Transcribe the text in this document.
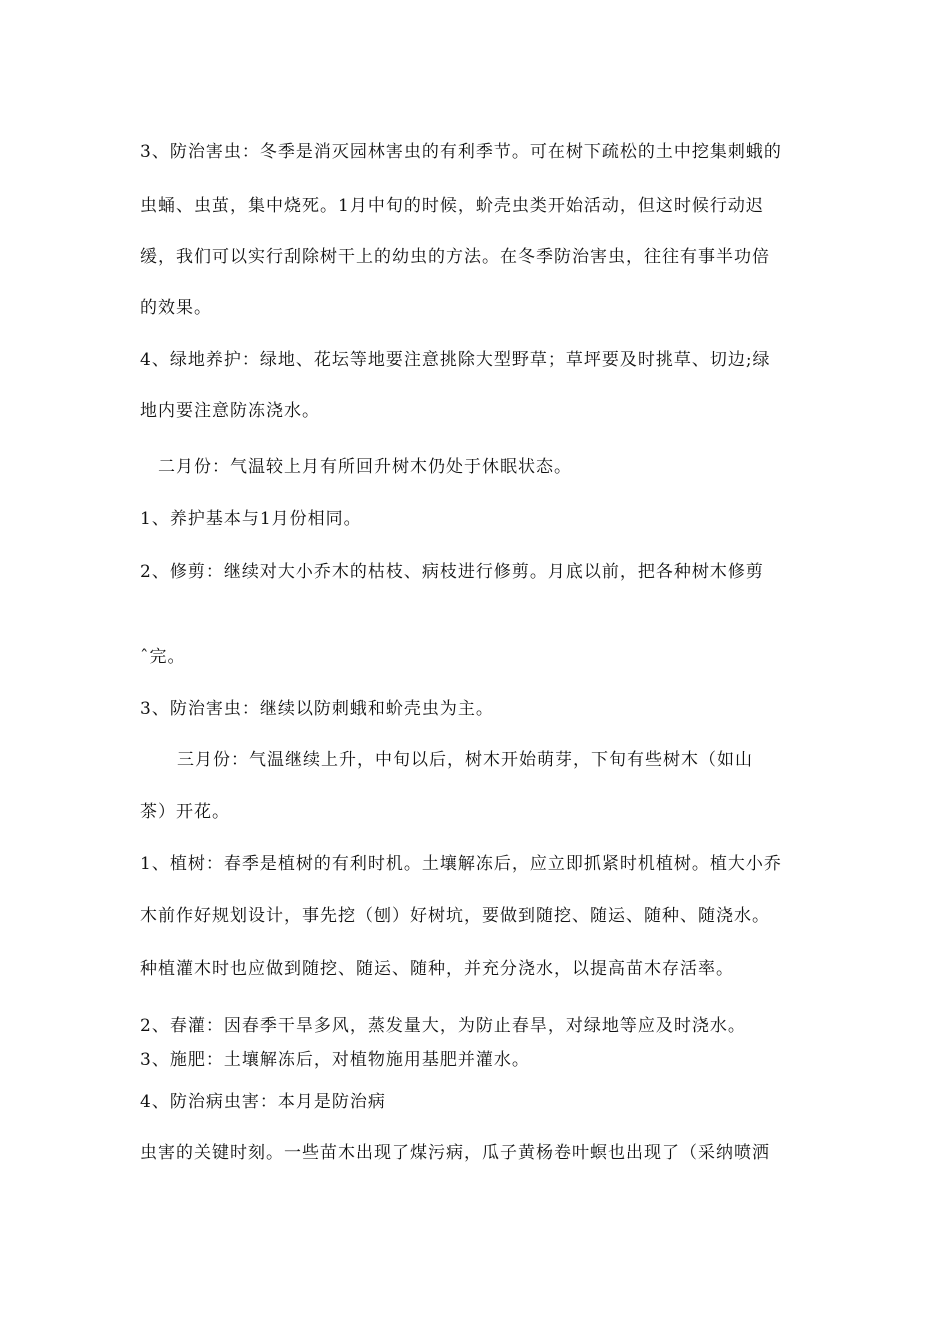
3、防治害虫：冬季是消灭园林害虫的有利季节。可在树下疏松的土中挖集刺蛾的
虫蛹、虫茧，集中烧死。1月中旬的时候，蚧壳虫类开始活动，但这时候行动迟
缓，我们可以实行刮除树干上的幼虫的方法。在冬季防治害虫，往往有事半功倍
的效果。
4、绿地养护：绿地、花坛等地要注意挑除大型野草；草坪要及时挑草、切边;绿
地内要注意防冻浇水。
二月份：气温较上月有所回升树木仍处于休眠状态。
1、养护基本与1月份相同。
2、修剪：继续对大小乔木的枯枝、病枝进行修剪。月底以前，把各种树木修剪
ˆ完。
3、防治害虫：继续以防刺蛾和蚧壳虫为主。
三月份：气温继续上升，中旬以后，树木开始萌芽，下旬有些树木（如山
茶）开花。
1、植树：春季是植树的有利时机。土壤解冻后，应立即抓紧时机植树。植大小乔
木前作好规划设计，事先挖（刨）好树坑，要做到随挖、随运、随种、随浇水。
种植灌木时也应做到随挖、随运、随种，并充分浇水，以提高苗木存活率。
2、春灌：因春季干旱多风，蒸发量大，为防止春旱，对绿地等应及时浇水。
3、施肥：土壤解冻后，对植物施用基肥并灌水。
4、防治病虫害：本月是防治病
虫害的关键时刻。一些苗木出现了煤污病，瓜子黄杨卷叶螟也出现了（采纳喷洒
